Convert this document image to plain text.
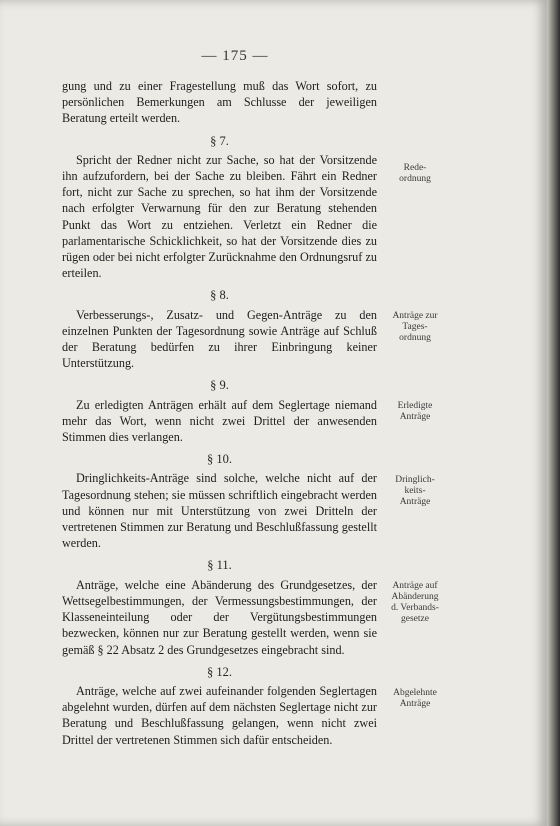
— 175 —

gung und zu einer Fragestellung muß das Wort sofort, zu persönlichen Bemerkungen am Schlusse der jeweiligen Beratung erteilt werden.

§ 7.

Spricht der Redner nicht zur Sache, so hat der Vorsitzende ihn aufzufordern, bei der Sache zu bleiben. Fährt ein Redner fort, nicht zur Sache zu sprechen, so hat ihm der Vorsitzende nach erfolgter Verwarnung für den zur Beratung stehenden Punkt das Wort zu entziehen. Verletzt ein Redner die parlamentarische Schicklichkeit, so hat der Vorsitzende dies zu rügen oder bei nicht erfolgter Zurücknahme den Ordnungsruf zu erteilen.

Rede-
ordnung
§ 8.

Verbesserungs-, Zusatz- und Gegen-Anträge zu den einzelnen Punkten der Tagesordnung sowie Anträge auf Schluß der Beratung bedürfen zu ihrer Einbringung keiner Unterstützung.

Anträge zur
Tages-
ordnung
§ 9.

Zu erledigten Anträgen erhält auf dem Seglertage niemand mehr das Wort, wenn nicht zwei Drittel der anwesenden Stimmen dies verlangen.

Erledigte
Anträge
§ 10.

Dringlichkeits-Anträge sind solche, welche nicht auf der Tagesordnung stehen; sie müssen schriftlich eingebracht werden und können nur mit Unterstützung von zwei Dritteln der vertretenen Stimmen zur Beratung und Beschlußfassung gestellt werden.

Dringlich-
keits-
Anträge
§ 11.

Anträge, welche eine Abänderung des Grundgesetzes, der Wettsegelbestimmungen, der Vermessungsbestimmungen, der Klasseneinteilung oder der Vergütungsbestimmungen bezwecken, können nur zur Beratung gestellt werden, wenn sie gemäß § 22 Absatz 2 des Grundgesetzes eingebracht sind.

Anträge auf
Abänderung
d. Verbands-
gesetze
§ 12.

Anträge, welche auf zwei aufeinander folgenden Seglertagen abgelehnt wurden, dürfen auf dem nächsten Seglertage nicht zur Beratung und Beschlußfassung gelangen, wenn nicht zwei Drittel der vertretenen Stimmen sich dafür entscheiden.

Abgelehnte
Anträge
